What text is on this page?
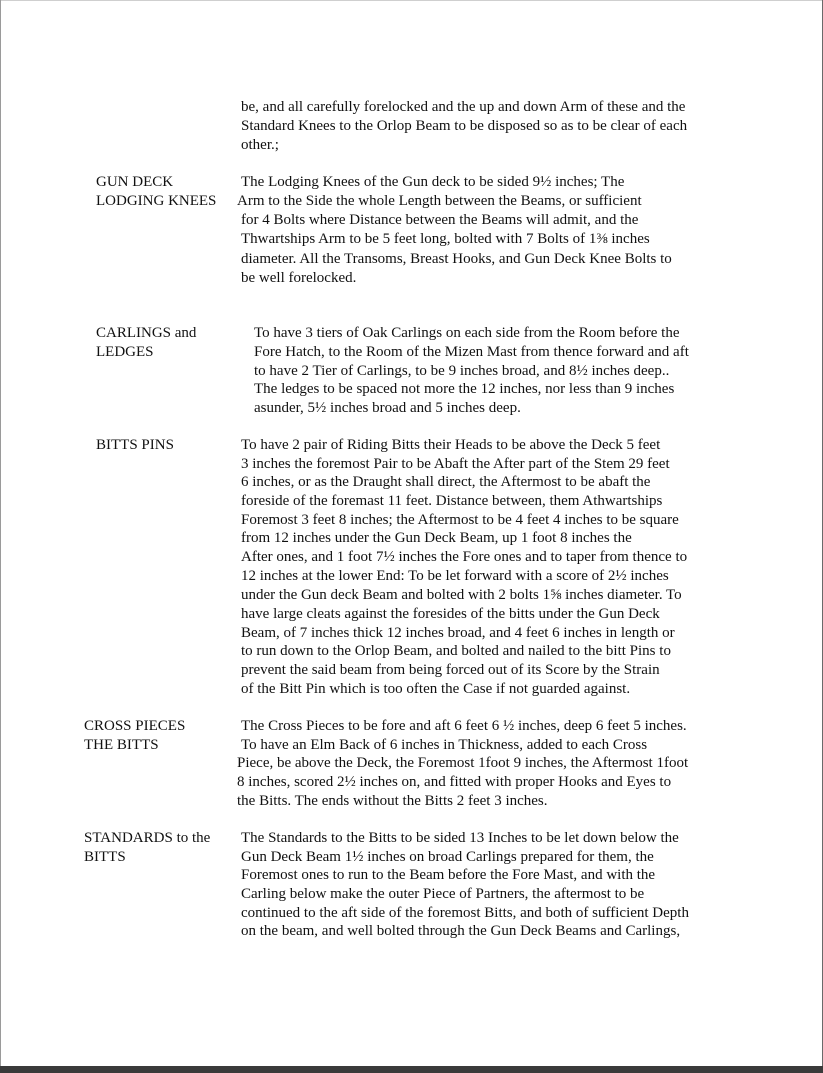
be, and all carefully forelocked and the up and down Arm of these and the

Standard Knees to the Orlop Beam to be disposed so as to be clear of each

other.;

GUN DECK
LODGING KNEES

The Lodging Knees of the Gun deck to be sided 9½ inches; The

Arm to the Side the whole Length between the Beams, or sufficient

for 4 Bolts where Distance between the Beams will admit, and the

Thwartships Arm to be 5 feet long, bolted with 7 Bolts of 1⅜ inches

diameter. All the Transoms, Breast Hooks, and Gun Deck Knee Bolts to

be well forelocked.

CARLINGS and
LEDGES

To have 3 tiers of Oak Carlings on each side from the Room before the

Fore Hatch, to the Room of the Mizen Mast from thence forward and aft

to have 2 Tier of Carlings, to be 9 inches broad, and 8½ inches deep..

The ledges to be spaced not more the 12 inches, nor less than 9 inches

asunder, 5½ inches broad and 5 inches deep.

BITTS PINS	To have 2 pair of Riding Bitts their Heads to be above the Deck 5 feet

3 inches the foremost Pair to be Abaft the After part of the Stem 29 feet

6 inches, or as the Draught shall direct, the Aftermost to be abaft the

foreside of the foremast 11 feet. Distance between, them Athwartships

Foremost 3 feet 8 inches; the Aftermost to be 4 feet 4 inches to be square

from 12 inches under the Gun Deck Beam, up 1 foot 8 inches the

After ones, and 1 foot 7½ inches the Fore ones and to taper from thence to

12 inches at the lower End: To be let forward with a score of 2½ inches

under the Gun deck Beam and bolted with 2 bolts 1⅝ inches diameter. To

have large cleats against the foresides of the bitts under the Gun Deck

Beam, of 7 inches thick 12 inches broad, and 4 feet 6 inches in length or

to run down to the Orlop Beam, and bolted and nailed to the bitt Pins to

prevent the said beam from being forced out of its Score by the Strain

of the Bitt Pin which is too often the Case if not guarded against.

CROSS PIECES
THE BITTS

The Cross Pieces to be fore and aft 6 feet 6 ½ inches, deep 6 feet 5 inches.

To have an Elm Back of 6 inches in Thickness, added to each Cross

Piece, be above the Deck, the Foremost 1foot 9 inches, the Aftermost 1foot

8 inches, scored 2½ inches on, and fitted with proper Hooks and Eyes to

the Bitts. The ends without the Bitts 2 feet 3 inches.

STANDARDS to the
BITTS

The Standards to the Bitts to be sided 13 Inches to be let down below the

Gun Deck Beam 1½ inches on broad Carlings prepared for them, the

Foremost ones to run to the Beam before the Fore Mast, and with the

Carling below make the outer Piece of Partners, the aftermost to be

continued to the aft side of the foremost Bitts, and both of sufficient Depth

on the beam, and well bolted through the Gun Deck Beams and Carlings,
